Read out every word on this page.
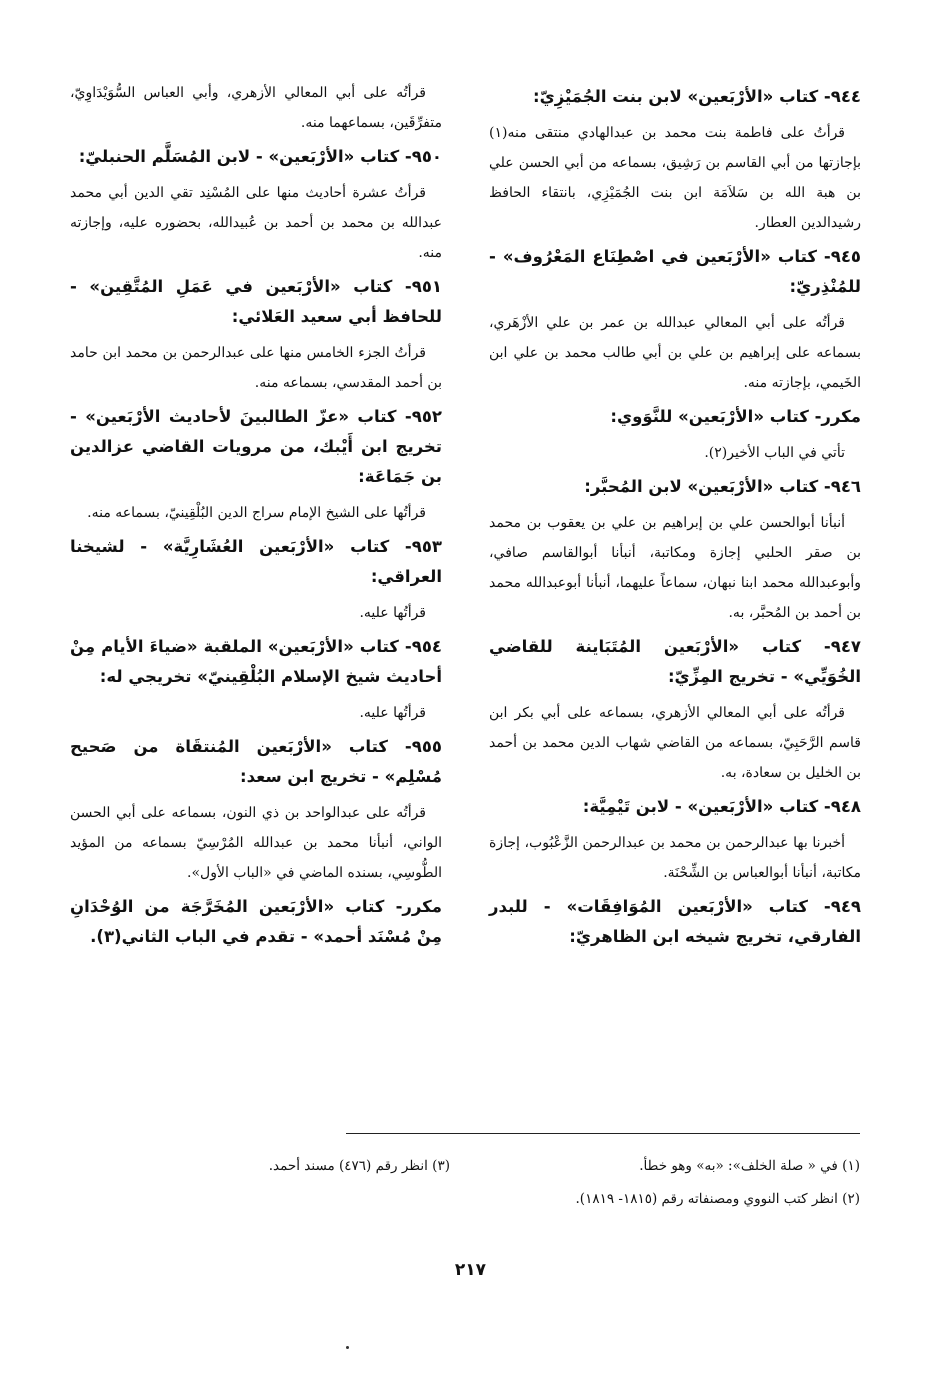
٩٤٤- كتاب «الأرْبَعين» لابن بنت الجُمَيْزِيّ:

قرأتُ على فاطمة بنت محمد بن عبدالهادي منتقى منه(١) بإجازتها من أبي القاسم بن رَشِيق، بسماعه من أبي الحسن علي بن هبة الله بن سَلاَمَة ابن بنت الجُمَيْزِي، بانتقاء الحافظ رشيدالدين العطار.

٩٤٥- كتاب «الأرْبَعين في اصْطِنَاع المَعْرُوف» - للمُنْذِريّ:

قرأتُه على أبي المعالي عبدالله بن عمر بن علي الأزْهَري، بسماعه على إبراهيم بن علي بن أبي طالب محمد بن علي ابن الخَيمي، بإجازته منه.

مكرر- كتاب «الأرْبَعين» للنَّوَوي:

تأتي في الباب الأخير(٢).

٩٤٦- كتاب «الأرْبَعين» لابن المُحبَّر:

أنبأنا أبوالحسن علي بن إبراهيم بن علي بن يعقوب بن محمد بن صقر الحلبي إجازة ومكاتبة، أنبأنا أبوالقاسم صافي، وأبوعبدالله محمد ابنا نبهان، سماعاً عليهما، أنبأنا أبوعبدالله محمد بن أحمد بن المُحبَّر، به.

٩٤٧- كتاب «الأرْبَعين المُتَبَاينة للقاضي الخُوَيِّي» - تخريج المِزِّيّ:

قرأتُه على أبي المعالي الأزهري، بسماعه على أبي بكر ابن قاسم الرَّحَبِيّ، بسماعه من القاضي شهاب الدين محمد بن أحمد بن الخليل بن سعادة، به.

٩٤٨- كتاب «الأرْبَعين» - لابن تَيْمِيَّة:

أخبرنا بها عبدالرحمن بن محمد بن عبدالرحمن الزَّعْبُوب، إجازة مكاتبة، أنبأنا أبوالعباس بن الشِّحْنَة.

٩٤٩- كتاب «الأرْبَعين المُوَافِقَات» - للبدر الفارقي، تخريج شيخه ابن الظاهريّ:

قرأتُه على أبي المعالي الأزهري، وأبي العباس السُّوَيْدَاوِيّ، متفرِّقَين، بسماعهما منه.

٩٥٠- كتاب «الأرْبَعين» - لابن المُسَلَّم الحنبليّ:

قرأتُ عشرة أحاديث منها على المُسْنِد تقي الدين أبي محمد عبدالله بن محمد بن أحمد بن عُبيدالله، بحضوره عليه، وإجازته منه.

٩٥١- كتاب «الأرْبَعين في عَمَلِ المُتَّقِين» - للحافظ أبي سعيد العَلائي:

قرأتُ الجزء الخامس منها على عبدالرحمن بن محمد ابن حامد بن أحمد المقدسي، بسماعه منه.

٩٥٢- كتاب «عزّ الطالبينَ لأحاديث الأرْبَعين» - تخريج ابن أَيْبك، من مرويات القاضي عزالدين بن جَمَاعَة:

قرأتُها على الشيخ الإمام سراج الدين البُلْقِينيّ، بسماعه منه.

٩٥٣- كتاب «الأرْبَعين العُشَارِيَّة» - لشيخنا العراقي:

قرأتُها عليه.

٩٥٤- كتاب «الأرْبَعين» الملقبة «ضياءَ الأيام مِنْ أحاديث شيخ الإسلام البُلْقِينيّ» تخريجي له:

قرأتُها عليه.

٩٥٥- كتاب «الأرْبَعين المُنتقَاة من صَحيح مُسْلِم» - تخريج ابن سعد:

قرأتُه على عبدالواحد بن ذي النون، بسماعه على أبي الحسن الواني، أنبأنا محمد بن عبدالله المُرْسِيّ بسماعه من المؤيد الطُّوسِي، بسنده الماضي في «الباب الأول».

مكرر- كتاب «الأرْبَعين المُخَرَّجَة من الوُحْدَانِ مِنْ مُسْنَد أحمد» - تقدم في الباب الثاني(٣).

(١) في « صلة الخلف»: «به» وهو خطأ.

(٢) انظر كتب النووي ومصنفاته رقم (١٨١٥- ١٨١٩).

(٣) انظر رقم (٤٧٦) مسند أحمد.

٢١٧
